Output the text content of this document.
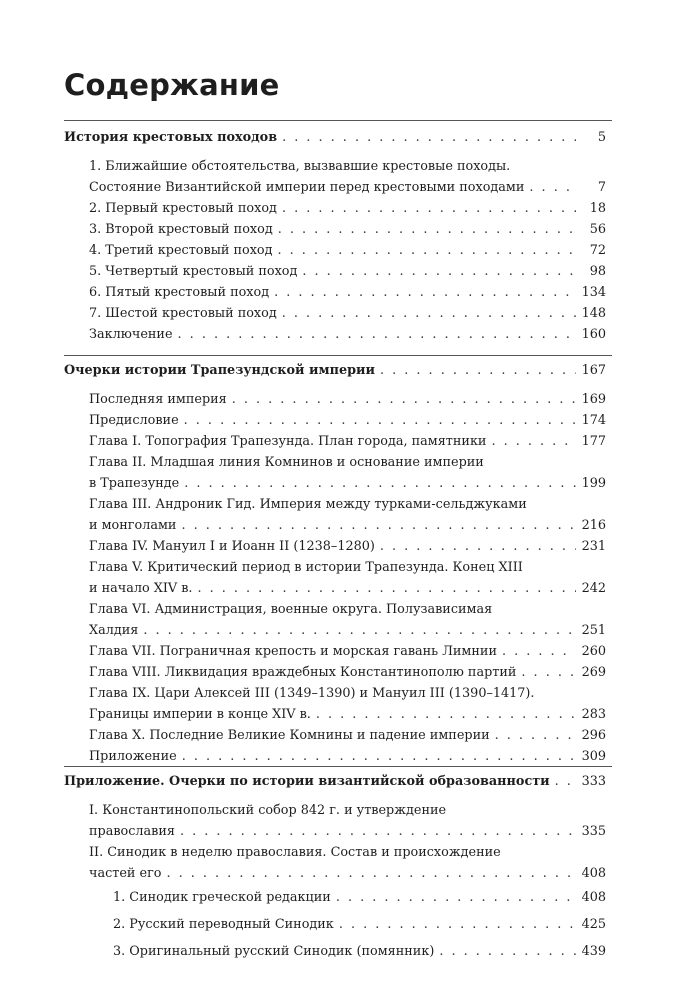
Содержание
История крестовых походов . . .	5
1. Ближайшие обстоятельства, вызвавшие крестовые походы.
Состояние Византийской империи перед крестовыми походами . . .	7
2. Первый крестовый поход . . .	18
3. Второй крестовый поход . . .	56
4. Третий крестовый поход . . .	72
5. Четвертый крестовый поход . . .	98
6. Пятый крестовый поход . . .	134
7. Шестой крестовый поход . . .	148
Заключение . . .	160
Очерки истории Трапезундской империи . . .	167
Последняя империя . . .	169
Предисловие . . .	174
Глава I. Топография Трапезунда. План города, памятники . . .	177
Глава II. Младшая линия Комнинов и основание империи
в Трапезунде . . .	199
Глава III. Андроник Гид. Империя между турками-сельджуками
и монголами . . .	216
Глава IV. Мануил I и Иоанн II (1238–1280) . . .	231
Глава V. Критический период в истории Трапезунда. Конец XIII
и начало XIV в. . . .	242
Глава VI. Администрация, военные округа. Полузависимая
Халдия . . .	251
Глава VII. Пограничная крепость и морская гавань Лимнии . . .	260
Глава VIII. Ликвидация враждебных Константинополю партий . . .	269
Глава IX. Цари Алексей III (1349–1390) и Мануил III (1390–1417).
Границы империи в конце XIV в. . . .	283
Глава X. Последние Великие Комнины и падение империи . . .	296
Приложение . . .	309
Приложение. Очерки по истории византийской образованности . . . 333
I. Константинопольский собор 842 г. и утверждение
православия . . .	335
II. Синодик в неделю православия. Состав и происхождение
частей его . . .	408
1. Синодик греческой редакции . . .	408
2. Русский переводный Синодик . . .	425
3. Оригинальный русский Синодик (помянник) . . .	439
